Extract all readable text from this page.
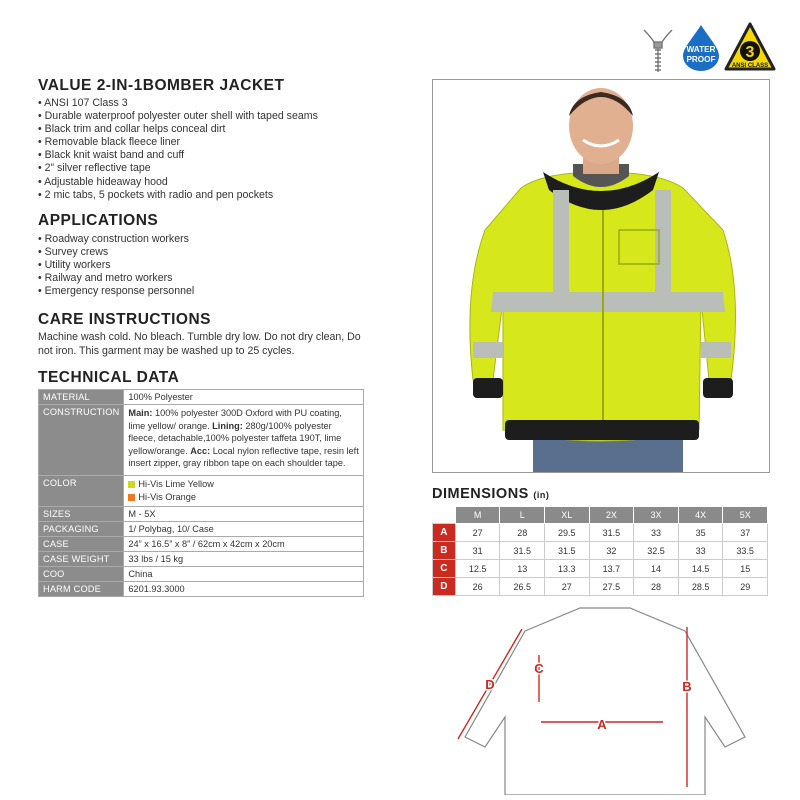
WATER
PROOF 3
ANSI CLASS
VALUE 2-IN-1BOMBER JACKET
• ANSI 107 Class 3
• Durable waterproof polyester outer shell with taped seams
• Black trim and collar helps conceal dirt
• Removable black fleece liner
• Black knit waist band and cuff
• 2” silver reflective tape
• Adjustable hideaway hood
• 2 mic tabs, 5 pockets with radio and pen pockets
APPLICATIONS
• Roadway construction workers
• Survey crews
• Utility workers
• Railway and metro workers
• Emergency response personnel
CARE INSTRUCTIONS
Machine wash cold. No bleach. Tumble dry low. Do not dry clean, Do not iron. This garment may be washed up to 25 cycles.
TECHNICAL DATA
MATERIAL	100% Polyester
CONSTRUCTION	Main: 100% polyester 300D Oxford with PU coating, lime yellow/ orange. Lining: 280g/100% polyester fleece, detachable,100% polyester taffeta 190T, lime yellow/orange. Acc: Local nylon reflective tape, resin left insert zipper, gray ribbon tape on each shoulder tape.
COLOR	Hi-Vis Lime Yellow
Hi-Vis Orange

SIZES	M - 5X
PACKAGING	1/ Polybag, 10/ Case
CASE	24” x 16.5” x 8” / 62cm x 42cm x 20cm
CASE WEIGHT	33 lbs / 15 kg
COO	China
HARM CODE	6201.93.3000
DIMENSIONS (in)
	M	L	XL	2X	3X	4X	5X
A	27	28	29.5	31.5	33	35	37
B	31	31.5	31.5	32	32.5	33	33.5
C	12.5	13	13.3	13.7	14	14.5	15
D	26	26.5	27	27.5	28	28.5	29
A
B
C
D
